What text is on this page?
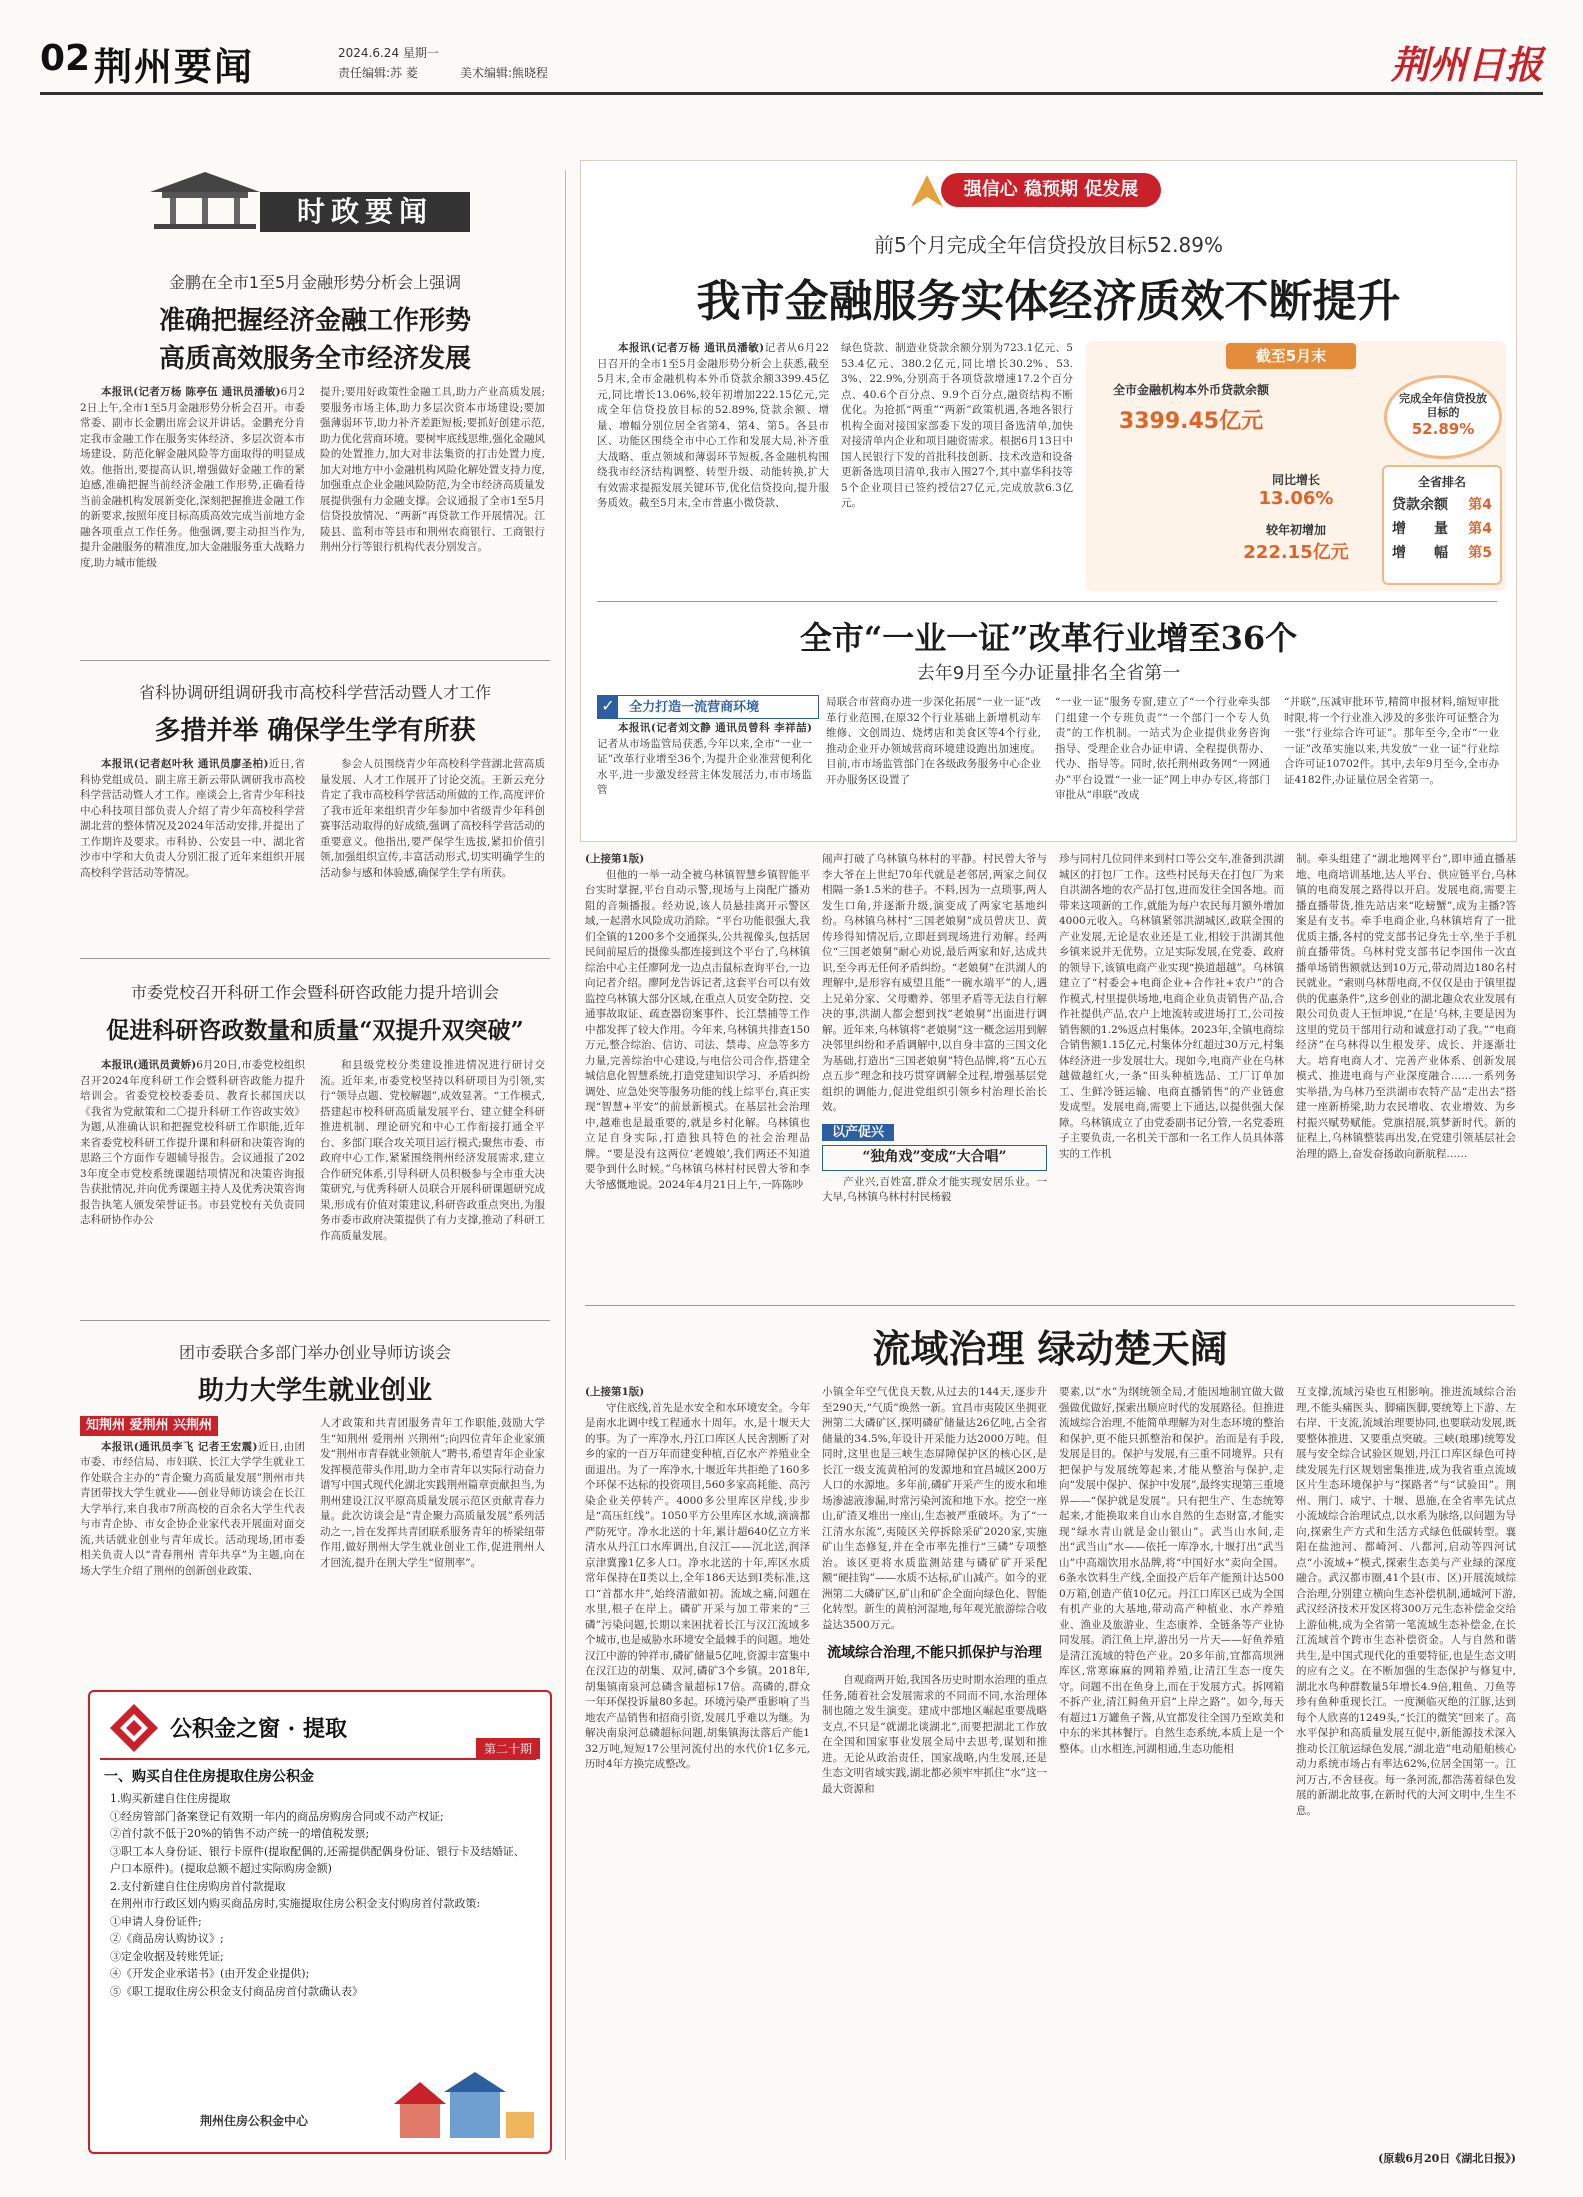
02 荆州要闻	2024.6.24 星期一
责任编辑:苏 菱	美术编辑:熊晓程	荆州日报
时政要闻
金鹏在全市1至5月金融形势分析会上强调
准确把握经济金融工作形势
高质高效服务全市经济发展

本报讯(记者万杨 陈亭伍 通讯员潘敏)6月22日上午,全市1至5月金融形势分析会召开。市委常委、副市长金鹏出席会议并讲话。金鹏充分肯定我市金融工作在服务实体经济、多层次资本市场建设、防范化解金融风险等方面取得的明显成效。他指出,要提高认识,增强做好金融工作的紧迫感,准确把握当前经济金融工作形势,正确看待当前金融机构发展新变化,深刻把握推进金融工作的新要求,按照年度目标高质高效完成当前地方金融各项重点工作任务。他强调,要主动担当作为,提升金融服务的精准度,加大金融服务重大战略力度,助力城市能级

提升;要用好政策性金融工具,助力产业高质发展;要服务市场主体,助力多层次资本市场建设;要加强薄弱环节,助力补齐差距短板;要抓好创建示范,助力优化营商环境。要树牢底线思维,强化金融风险的处置推力,加大对非法集资的打击处置力度,加大对地方中小金融机构风险化解处置支持力度,加强重点企业金融风险防范,为全市经济高质量发展提供强有力金融支撑。会议通报了全市1至5月信贷投放情况、“两新”再贷款工作开展情况。江陵县、监利市等县市和荆州农商银行、工商银行荆州分行等银行机构代表分别发言。

省科协调研组调研我市高校科学营活动暨人才工作
多措并举 确保学生学有所获

本报讯(记者赵叶秋 通讯员廖圣柏)近日,省科协党组成员、副主席王新云带队调研我市高校科学营活动暨人才工作。座谈会上,省青少年科技中心科技项目部负责人介绍了青少年高校科学营湖北营的整体情况及2024年活动安排,并提出了工作期许及要求。市科协、公安县一中、湖北省沙市中学和大负责人分别汇报了近年来组织开展高校科学营活动等情况。

参会人员围绕青少年高校科学营湖北营高质量发展、人才工作展开了讨论交流。王新云充分肯定了我市高校科学营活动所做的工作,高度评价了我市近年来组织青少年参加中省级青少年科创赛事活动取得的好成绩,强调了高校科学营活动的重要意义。他指出,要严保学生选拔,紧扣价值引领,加强组织宣传,丰富活动形式,切实明确学生的活动参与感和体验感,确保学生学有所获。

市委党校召开科研工作会暨科研咨政能力提升培训会
促进科研咨政数量和质量“双提升双突破”

本报讯(通讯员黄娇)6月20日,市委党校组织召开2024年度科研工作会暨科研咨政能力提升培训会。省委党校校委委员、教育长郝国庆以《我省为党献策和二〇提升科研工作咨政实效》为题,从准确认识和把握党校科研工作职能,近年来省委党校科研工作提升课和科研和决策咨询的思路三个方面作专题辅导报告。会议通报了2023年度全市党校系统课题结项情况和决策咨询报告获批情况,并向优秀课题主持人及优秀决策咨询报告执笔人颁发荣誉证书。市县党校有关负责同志科研协作办公

和县级党校分类建设推进情况进行研讨交流。近年来,市委党校坚持以科研项目为引领,实行“领导点题、党校解题”,成效显著。“工作模式,搭建起市校科研高质量发展平台、建立健全科研推进机制、理论研究和中心工作衔接打通全平台、多部门联合攻关项目运行模式;聚焦市委、市政府中心工作,紧紧围绕荆州经济发展需求,建立合作研究体系,引导科研人员积极参与全市重大决策研究,与优秀科研人员联合开展科研课题研究成果,形成有价值对策建议,科研咨政重点突出,为服务市委市政府决策提供了有力支撑,推动了科研工作高质量发展。

团市委联合多部门举办创业导师访谈会
助力大学生就业创业
知荆州 爱荆州 兴荆州

本报讯(通讯员李飞 记者王宏震)近日,由团市委、市经信局、市妇联、长江大学学生就业工作处联合主办的“青企聚力高质量发展”荆州市共青团带找大学生就业——创业导师访谈会在长江大学举行,来自我市7所高校的百余名大学生代表与市青企协、市女企协企业家代表开展面对面交流,共话就业创业与青年成长。活动现场,团市委相关负责人以“青春荆州 青年共享”为主题,向在场大学生介绍了荆州的创新创业政策、

人才政策和共青团服务青年工作职能,鼓励大学生“知荆州 爱荆州 兴荆州”;向四位青年企业家颁发“荆州市青春就业领航人”聘书,希望青年企业家发挥模范带头作用,助力全市青年以实际行动奋力谱写中国式现代化湖北实践荆州篇章贡献担当,为荆州建设江汉平原高质量发展示范区贡献青春力量。此次访谈会是“青企聚力高质量发展”系列活动之一,旨在发挥共青团联系服务青年的桥梁纽带作用,做好荆州大学生就业创业工作,促进荆州人才回流,提升在荆大学生“留荆率”。

公积金之窗 · 提取
第二十期
一、购买自住住房提取住房公积金
1.购买新建自住住房提取
①经房管部门备案登记有效期一年内的商品房购房合同或不动产权证;
②首付款不低于20%的销售不动产统一的增值税发票;
③职工本人身份证、银行卡原件(提取配偶的,还需提供配偶身份证、银行卡及结婚证、户口本原件)。(提取总额不超过实际购房金额)
2.支付新建自住住房购房首付款提取
在荆州市行政区划内购买商品房时,实施提取住房公积金支付购房首付款政策:
①申请人身份证件;
②《商品房认购协议》;
③定金收据及转账凭证;
④《开发企业承诺书》(由开发企业提供);
⑤《职工提取住房公积金支付商品房首付款确认表》
荆州住房公积金中心
强信心 稳预期 促发展
前5个月完成全年信贷投放目标52.89%
我市金融服务实体经济质效不断提升

本报讯(记者万杨 通讯员潘敏)记者从6月22日召开的全市1至5月金融形势分析会上获悉,截至5月末,全市金融机构本外币贷款余额3399.45亿元,同比增长13.06%,较年初增加222.15亿元,完成全年信贷投放目标的52.89%,贷款余额、增量、增幅分别位居全省第4、第4、第5。各县市区、功能区围绕全市中心工作和发展大局,补齐重大战略、重点领域和薄弱环节短板,各金融机构围绕我市经济结构调整、转型升级、动能转换,扩大有效需求提振发展关键环节,优化信贷投向,提升服务质效。截至5月末,全市普惠小微贷款、

绿色贷款、制造业贷款余额分别为723.1亿元、553.4亿元、380.2亿元,同比增长30.2%、53.3%、22.9%,分别高于各项贷款增速17.2个百分点、40.6个百分点、9.9个百分点,融资结构不断优化。为抢抓“两重”“两新”政策机遇,各地各银行机构全面对接国家部委下发的项目备选清单,加快对接清单内企业和项目融资需求。根据6月13日中国人民银行下发的首批科技创新、技术改造和设备更新备选项目清单,我市入围27个,其中嘉华科技等5个企业项目已签约授信27亿元,完成放款6.3亿元。

截至5月末
全市金融机构本外币贷款余额
3399.45亿元
同比增长
13.06%
较年初增加
222.15亿元
完成全年信贷投放目标的
52.89%
全省排名
贷款余额 第4
增　　量 第4
增　　幅 第5
全市“一业一证”改革行业增至36个
去年9月至今办证量排名全省第一
✓ 全力打造一流营商环境

本报讯(记者刘文静 通讯员曾科 李祥喆)记者从市场监管局获悉,今年以来,全市“一业一证”改革行业增至36个,为提升企业准营便利化水平,进一步激发经营主体发展活力,市市场监管

局联合市营商办进一步深化拓展“一业一证”改革行业范围,在原32个行业基础上新增机动车维修、文创周边、烧烤店和美食区等4个行业,推动企业开办领域营商环境建设跑出加速度。目前,市市场监管部门在各级政务服务中心企业开办服务区设置了

“一业一证”服务专窗,建立了“一个行业牵头部门组建一个专班负责”“一个部门一个专人负责”的工作机制。一站式为企业提供业务咨询指导、受理企业合办证申请、全程提供帮办、代办、指导等。同时,依托荆州政务网“一网通办”平台设置“一业一证”网上申办专区,将部门审批从“串联”改成

“并联”,压减审批环节,精简申报材料,缩短审批时限,将一个行业准入涉及的多张许可证整合为一张“行业综合许可证”。那年至今,全市“一业一证”改革实施以来,共发放“一业一证”行业综合许可证10702件。其中,去年9月至今,全市办证4182件,办证量位居全省第一。

(上接第1版)

但他的一举一动全被乌林镇智慧乡镇智能平台实时掌握,平台自动示警,现场与上岗配广播劝阻的音频播报。经劝说,该人员悬挂离开示警区域,一起潜水风险成功消除。“平台功能很强大,我们全镇的1200多个交通探头,公共视像头,包括居民间前屋后的摄像头都连接到这个平台了,乌林镇综治中心主任廖阿龙一边点击鼠标查询平台,一边向记者介绍。廖阿龙告诉记者,这套平台可以有效监控乌林镇大部分区域,在重点人员安全防控、交通事故取证、疏查器窃案事件、长江禁捕等工作中都发挥了较大作用。今年来,乌林镇共排查150万元,整合综治、信访、司法、禁毒、应急等多方力量,完善综治中心建设,与电信公司合作,搭建全城信息化智慧系统,打造党建知识学习、矛盾纠纷调处、应急处突等服务功能的线上综平台,真正实现“智慧+平安”的前景新模式。在基层社会治理中,越难也是最重要的,就是乡村化解。乌林镇也立足自身实际,打造独具特色的社会治理品牌。“要是没有这两位‘老嫂娘’,我们两还不知道要争到什么时候。”乌林镇乌林村村民曾大爷和李大爷感慨地说。2024年4月21日上午,一阵陈吵

闹声打破了乌林镇乌林村的平静。村民曾大爷与李大爷在上世纪70年代就是老邻居,两家之间仅相隔一条1.5米的巷子。不料,因为一点琐事,两人发生口角,并逐渐升级,演变成了两家宅基地纠纷。乌林镇乌林村“三国老娘舅”成员曾庆卫、黄传珍得知情况后,立即赶到现场进行劝解。经两位“三国老娘舅”耐心劝说,最后两家和好,达成共识,至今再无任何矛盾纠纷。“老娘舅”在洪湖人的理解中,是形容有威望且能“一碗水端平”的人,遇上兄弟分家、父母赡养、邻里矛盾等无法自行解决的事,洪湖人都会想到找“老娘舅”出面进行调解。近年来,乌林镇将“老娘舅”这一概念运用到解决邻里纠纷和矛盾调解中,以自身丰富的三国文化为基础,打造出“三国老娘舅”特色品牌,将“五心五点五步”理念和技巧贯穿调解全过程,增强基层党组织的调能力,促进党组织引领乡村治理长治长效。

以产促兴
“独角戏”变成“大合唱”

产业兴,百姓富,群众才能实现安居乐业。一大早,乌林镇乌林村村民杨毅

珍与同村几位同伴来到村口等公交车,准备到洪湖城区的打包厂工作。这些村民每天在打包厂为来自洪湖各地的农产品打包,进而发往全国各地。而带来这项新的工作,就能为每户农民每月额外增加4000元收入。乌林镇紧邻洪湖城区,政联全围的产业发展,无论是农业还是工业,相较于洪湖其他乡镇来说并无优势。立足实际发展,在党委、政府的领导下,该镇电商产业实现“换道超越”。乌林镇建立了“村委会+电商企业+合作社+农户”的合作模式,村里提供场地,电商企业负责销售产品,合作社提供产品,农户上地流转或进场打工,公司按销售额的1.2%返点村集体。2023年,全镇电商综合销售额1.15亿元,村集体分红超过30万元,村集体经济进一步发展壮大。现如今,电商产业在乌林越做越红火,一条“田头种植选品、工厂订单加工、生鲜冷链运输、电商直播销售”的产业链愈发成型。发展电商,需要上下通达,以提供强大保障。乌林镇成立了由党委副书记分管,一名党委班子主要负责,一名机关干部和一名工作人员具体落实的工作机

制。牵头组建了“湖北地网平台”,即申通直播基地、电商培训基地,达人平台、供应链平台,乌林镇的电商发展之路得以开启。发展电商,需要主播直播带货,推先站店来“吃螃蟹”,成为主播?答案是有支书。牵手电商企业,乌林镇培育了一批优质主播,各村的党支部书记身先士卒,坐于手机前直播带货。乌林村党支部书记李国伟一次直播单场销售额就达到10万元,带动周边180名村民就业。“索则乌林帮电商,不仅仅是由于镇里提供的优惠条件”,这乡创业的湖北趣众农业发展有限公司负责人王恒坤说,“在是‘乌林,主要是因为这里的党员干部用行动和诚意打动了我。”“电商经济”在乌林得以生根发芽、成长、并逐渐壮大。培育电商人才、完善产业体系、创新发展模式、推进电商与产业深度融合……一系列务实举措,为乌林乃至洪湖市农特产品“走出去”搭建一座新桥梁,助力农民增收、农业增效、为乡村振兴赋势赋能。党旗招展,筑梦新时代。新的征程上,乌林镇整装再出发,在党建引领基层社会治理的路上,奋发奋扬敢向新航程……

流域治理 绿动楚天阔
(上接第1版)

守住底线,首先是水安全和水环境安全。今年是南水北调中线工程通水十周年。水,是十堰天大的事。为了一库净水,丹江口库区人民舍割断了对乡的家的一百万年而建变种植,百亿水产养殖业全面退出。为了一库净水,十堰近年共拒绝了160多个环保不达标的投资项目,560多家高耗能、高污染企业关停转产。4000多公里库区岸线,步步是“高压红线”。1050平方公里库区水域,滴滴都严防死守。净水北送的十年,累计超640亿立方米清水从丹江口水库调出,自汉江——沉北送,润泽京津冀豫1亿多人口。净水北送的十年,库区水质常年保持在Ⅱ类以上,全年186天达到Ⅰ类标准,这口“首都水井”,始终清澈如初。流域之痛,问题在水里,根子在岸上。磷矿开采与加工带来的“三磷”污染问题,长期以来困扰着长江与汉江流域多个城市,也是威胁水环境安全最棘手的问题。地处汉江中游的钟祥市,磷矿储量5亿吨,资源丰富集中在汉江边的胡集、双河,磷矿3个乡镇。2018年,胡集镇南泉河总磷含量超标17倍。高磷的,群众一年环保投诉量80多起。环境污染严重影响了当地农产品销售和招商引资,发展几乎难以为继。为解决南泉河总磷超标问题,胡集镇海汰落后产能132万吨,短短17公里河流付出的水代价1亿多元,历时4年方换完成整改。

小镇全年空气优良天数,从过去的144天,逐步升至290天,“气质”焕然一新。宜昌市夷陵区坐拥亚洲第二大磷矿区,探明磷矿储量达26亿吨,占全省储量的34.5%,年设计开采能力达2000万吨。但同时,这里也是三峡生态屏障保护区的核心区,是长江一级支流黄柏河的发源地和宜昌城区200万人口的水源地。多年前,磷矿开采产生的废水和堆场渗滤液渗漏,时常污染河流和地下水。挖空一座山,矿渣叉堆出一座山,生态被严重破坏。为了“一江清水东流”,夷陵区关停拆除采矿2020家,实施矿山生态修复,并在全市率先推行“三磷”专项整治。该区更将水质监测站建与磷矿矿开采配额“硬挂钩”——水质不达标,矿山减产。如今的亚洲第二大磷矿区,矿山和矿企全面向绿色化、智能化转型。新生的黄柏河湿地,每年观光旅游综合收益达3500万元。

流域综合治理,不能只抓保护与治理

自观商两开始,我国各历史时期水治理的重点任务,随着社会发展需求的不同而不同,水治理体制也随之发生演变。建成中部地区崛起重要战略支点,不只是“就湖北谈湖北”,而要把湖北工作放在全国和国家事业发展全局中去思考,谋划和推进。无论从政治责任、国家战略,内生发展,还是生态文明省域实践,湖北都必须牢牢抓住“水”这一最大资源和

要素,以“水”为纲统领全局,才能因地制宜做大做强做优做好,探索出顺应时代的发展路径。但推进流域综合治理,不能简单理解为对生态环境的整治和保护,更不能只抓整治和保护。治而是有手段,发展是目的。保护与发展,有三重不同境界。只有把保护与发展统筹起来,才能从整治与保护,走向“发展中保护、保护中发展”,最终实现第三重境界——“保护就是发展”。只有把生产、生态统筹起来,才能换取来自山水自然的生态财富,才能实现“绿水青山就是金山银山”。武当山水间,走出“武当山”水——依托一库净水,十堰打出“武当山”中高端饮用水品牌,将“中国好水”卖向全国。6条水饮料生产线,全面投产后年产能预计达5000万箱,创造产值10亿元。丹江口库区已成为全国有机产业的大基地,带动高产种植业、水产养殖业、渔业及旅游业、生态康养、全链条等产业协同发展。消江鱼上岸,游出另一片天——好鱼养殖是清江流域的特色产业。20多年前,宜都高坝洲库区,常寒麻麻的网箱养殖,让清江生态一度失守。问题不出在鱼身上,而在于发展方式。拆网箱不拆产业,清江鲟鱼开启“上岸之路”。如今,每天有超过1万罐鱼子酱,从宜都发往全国乃至欧美和中东的米其林餐厅。自然生态系统,本质上是一个整体。山水相连,河湖相通,生态功能相

互支撑,流域污染也互相影响。推进流域综合治理,不能头痛医头、脚痛医脚,要统筹上下游、左右岸、干支流,流域治理要协同,也要联动发展,既要整体推进、又要重点突破。三峡(琅琊)统筹发展与安全综合试验区规划,丹江口库区绿色可持续发展先行区规划密集推进,成为我省重点流域区片生态环境保护与“探路者”与“试验田”。荆州、荆门、咸宁、十堰、恩施,在全省率先试点小流域综合治理试点,以水系为脉络,以问题为导向,探索生产方式和生活方式绿色低碳转型。襄阳在盐池河、都崎河、八都河,启动等四河试点“小流域+”模式,探索生态美与产业绿的深度融合。武汉都市圈,41个县(市、区)开展流域综合治理,分别建立横向生态补偿机制,通城河下游,武汉经济技术开发区将300万元生态补偿金交给上游仙桃,成为全省第一笔流域生态补偿金,在长江流域首个跨市生态补偿资金。人与自然和谐共生,是中国式现代化的重要特征,也是生态文明的应有之义。在不断加强的生态保护与修复中,湖北水鸟种群数量5年增长4.9倍,粗鱼、刀鱼等珍有鱼种重现长江。一度濒临灭绝的江豚,达到每个人欣喜的1249头,“长江的微笑”回来了。高水平保护和高质量发展互促中,新能源技术深入推动长江航运绿色发展,“湖北造”电动船舶核心动力系统市场占有率达62%,位居全国第一。江河万古,不舍昼夜。每一条河流,都浩荡着绿色发展的新湖北故事,在新时代的大河文明中,生生不息。

(原载6月20日《湖北日报》)
